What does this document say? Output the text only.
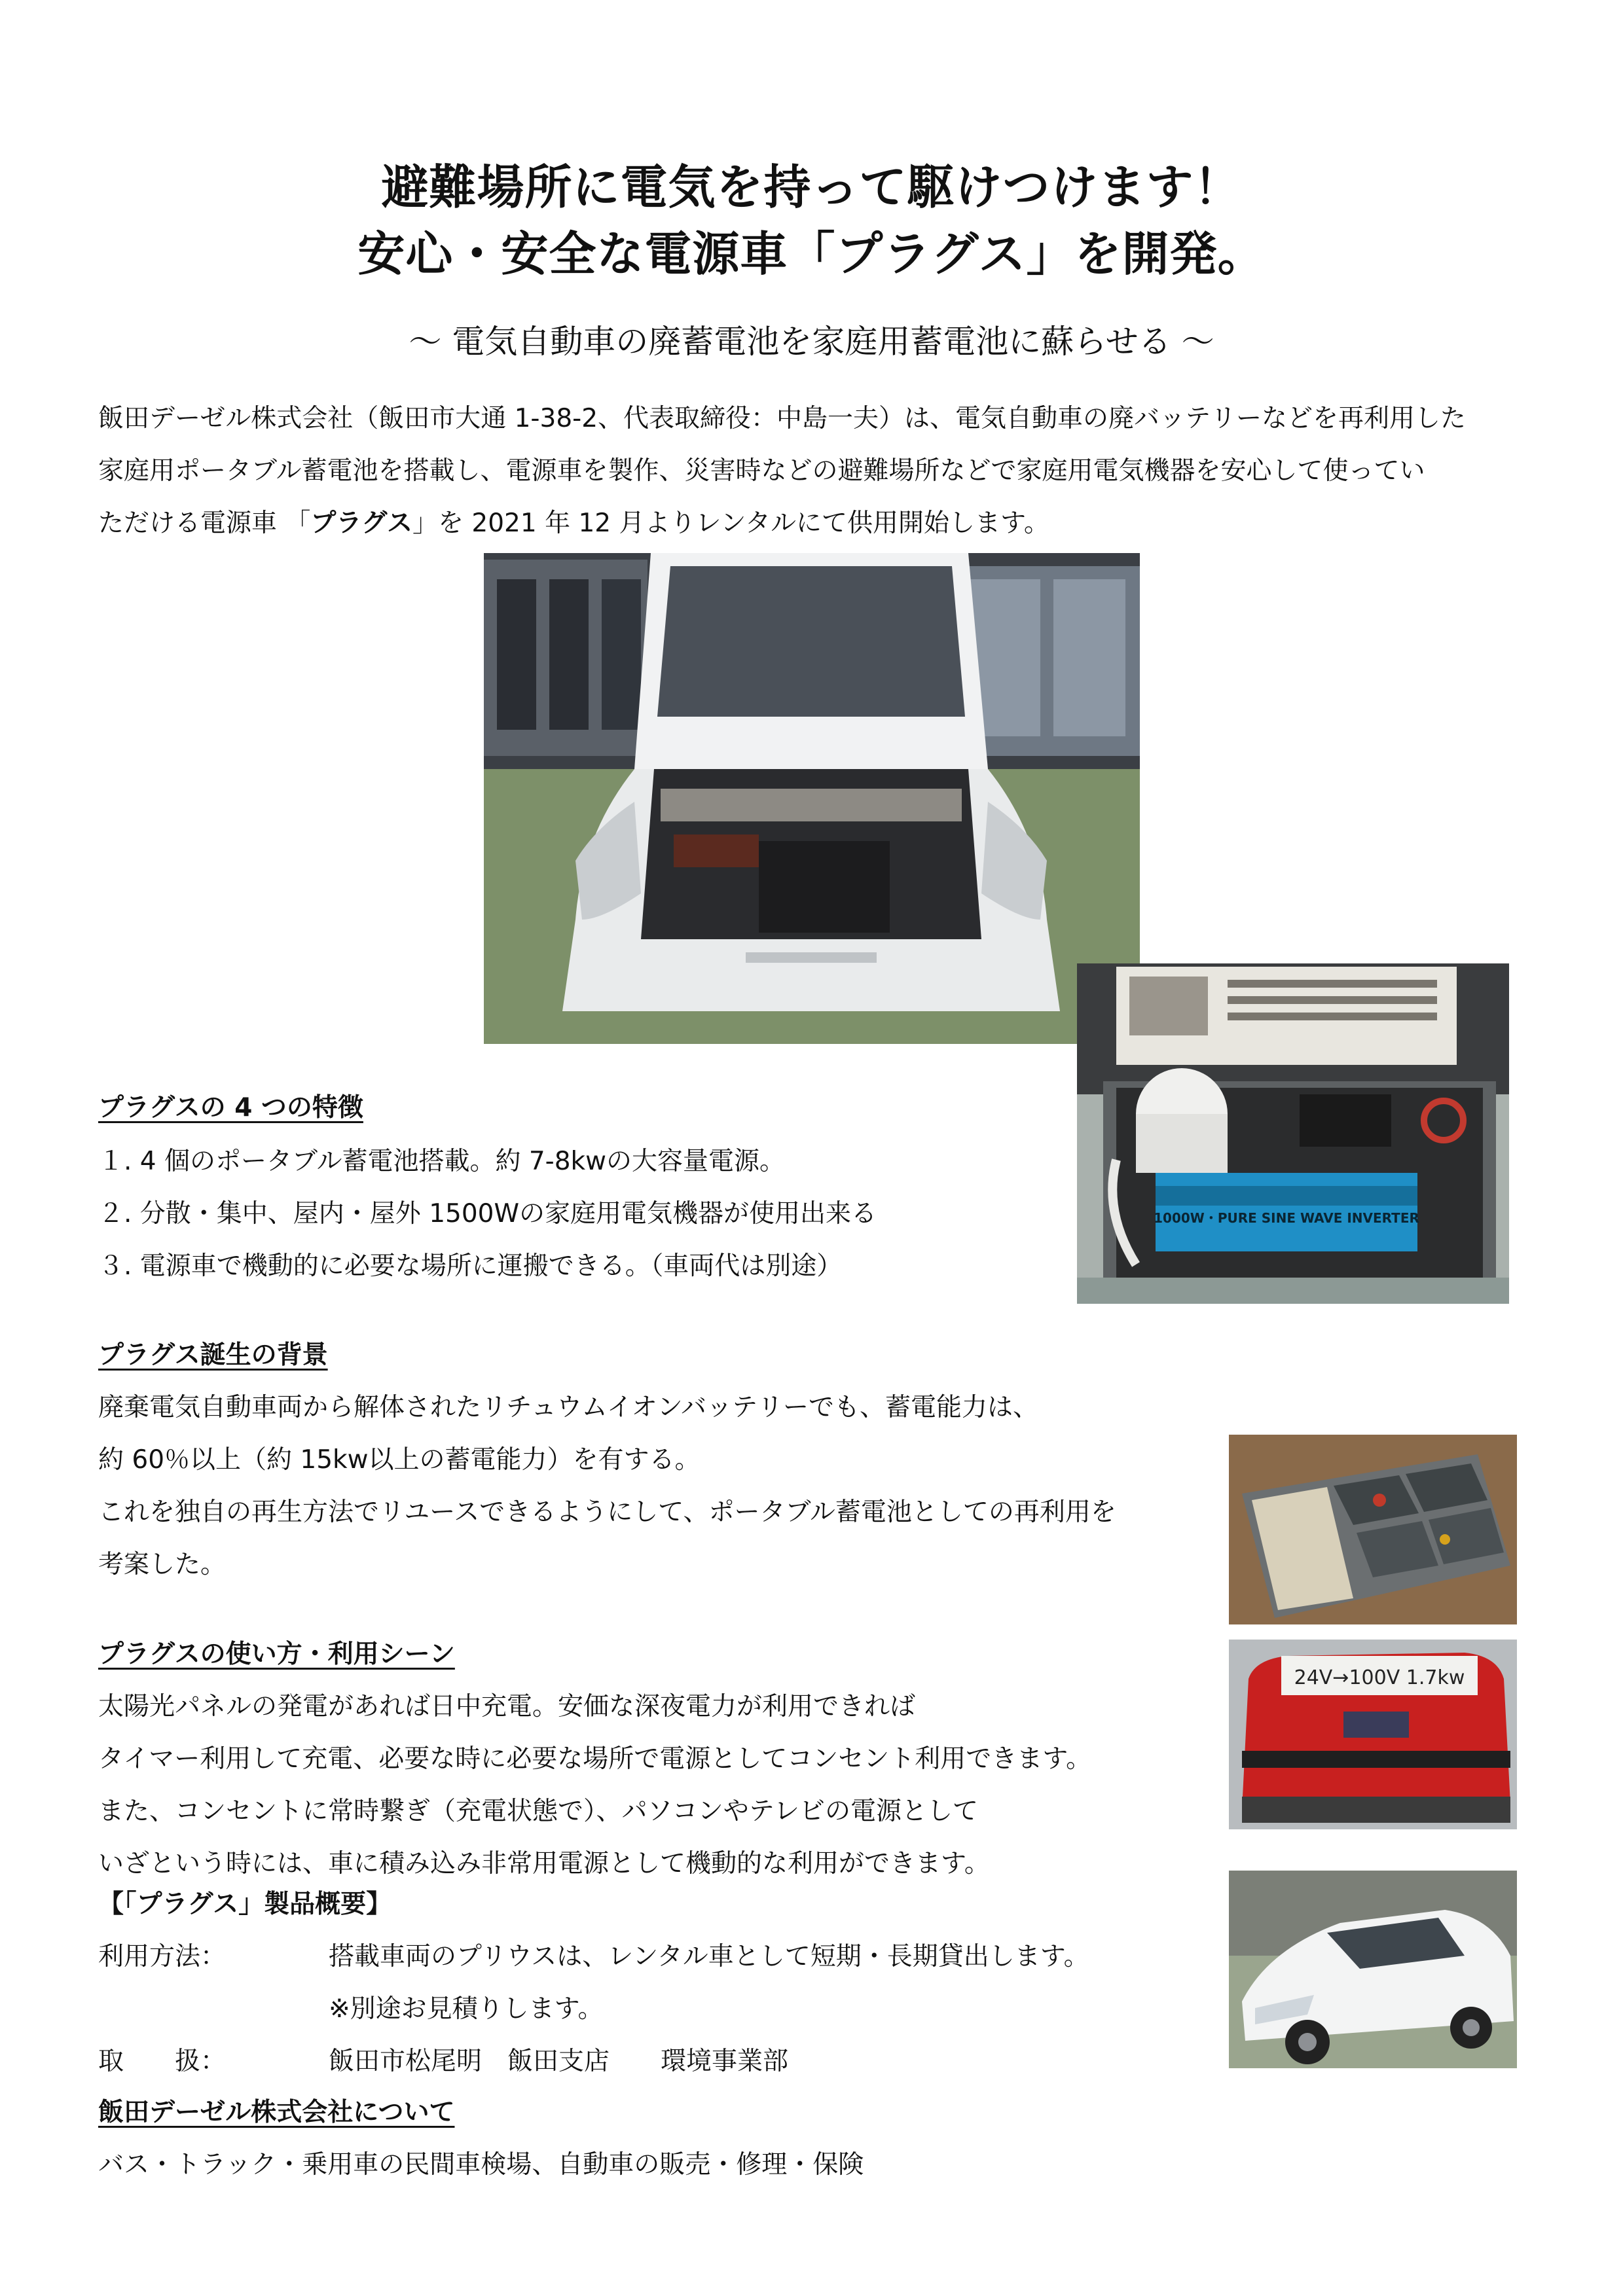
避難場所に電気を持って駆けつけます！
安心・安全な電源車「プラグス」を開発。
～ 電気自動車の廃蓄電池を家庭用蓄電池に蘇らせる ～
飯田デーゼル株式会社（飯田市大通 1-38-2、代表取締役：中島一夫）は、電気自動車の廃バッテリーなどを再利用した
家庭用ポータブル蓄電池を搭載し、電源車を製作、災害時などの避難場所などで家庭用電気機器を安心して使ってい
ただける電源車 「プラグス」を 2021 年 12 月よりレンタルにて供用開始します。
1000W・PURE SINE WAVE INVERTER
プラグスの 4 つの特徴
１. 4 個のポータブル蓄電池搭載。約 7-8kwの大容量電源。
２. 分散・集中、屋内・屋外 1500Wの家庭用電気機器が使用出来る
３. 電源車で機動的に必要な場所に運搬できる。（車両代は別途）
プラグス誕生の背景
廃棄電気自動車両から解体されたリチュウムイオンバッテリーでも、蓄電能力は、
約 60％以上（約 15kw以上の蓄電能力）を有する。
これを独自の再生方法でリユースできるようにして、ポータブル蓄電池としての再利用を
考案した。
プラグスの使い方・利用シーン
太陽光パネルの発電があれば日中充電。安価な深夜電力が利用できれば
タイマー利用して充電、必要な時に必要な場所で電源としてコンセント利用できます。
また、コンセントに常時繋ぎ（充電状態で）、パソコンやテレビの電源として
いざという時には、車に積み込み非常用電源として機動的な利用ができます。
24V→100V 1.7kw
【「プラグス」製品概要】
利用方法：	搭載車両のプリウスは、レンタル車として短期・長期貸出します。
※別途お見積りします。
取　　扱：	飯田市松尾明　飯田支店　　環境事業部
飯田デーゼル株式会社について
バス・トラック・乗用車の民間車検場、自動車の販売・修理・保険
